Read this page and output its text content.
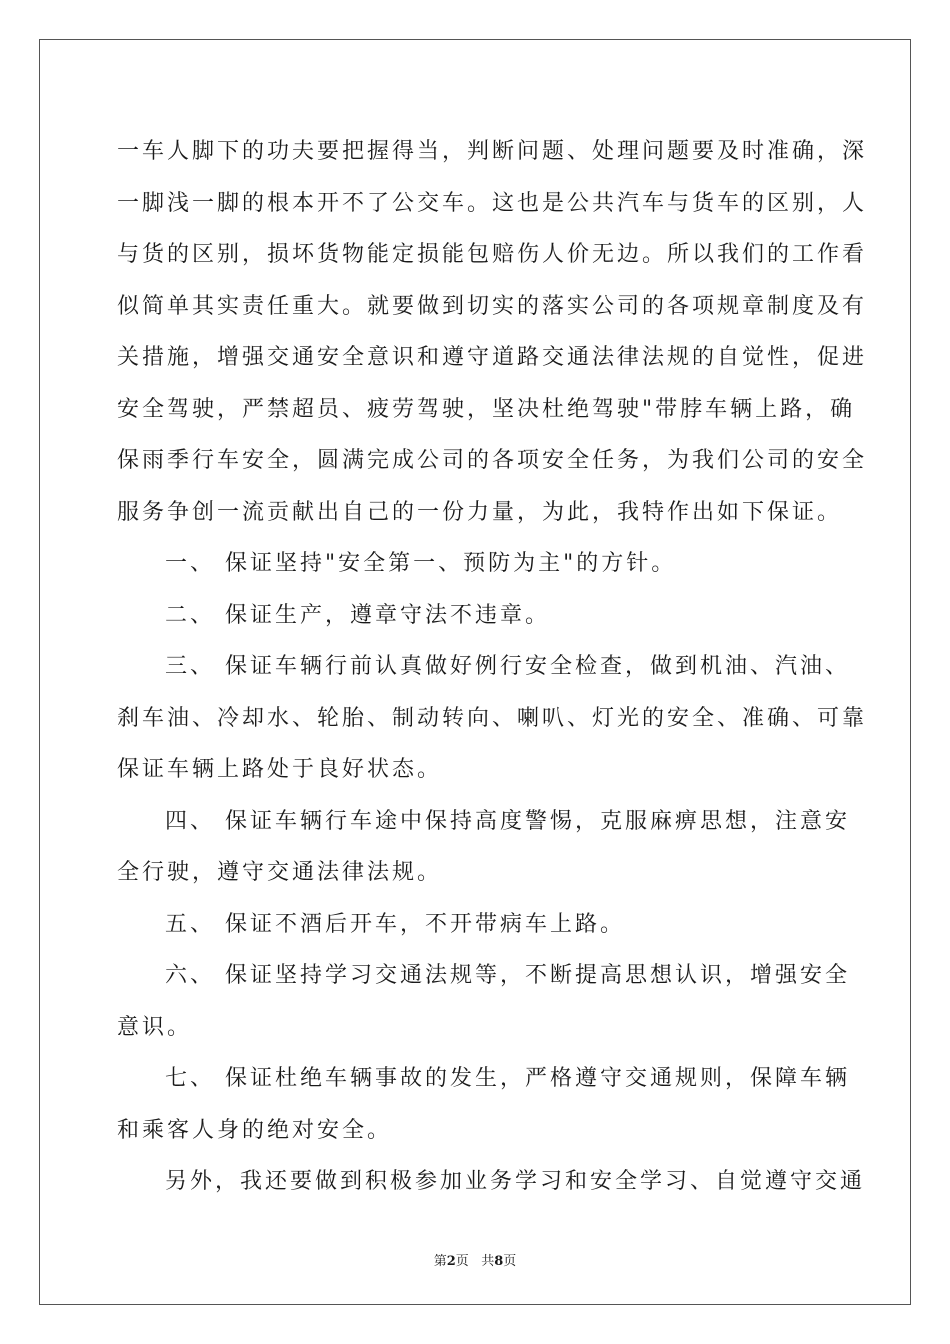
一车人脚下的功夫要把握得当，判断问题、处理问题要及时准确，深
一脚浅一脚的根本开不了公交车。这也是公共汽车与货车的区别，人
与货的区别，损坏货物能定损能包赔伤人价无边。所以我们的工作看
似简单其实责任重大。就要做到切实的落实公司的各项规章制度及有
关措施，增强交通安全意识和遵守道路交通法律法规的自觉性，促进
安全驾驶，严禁超员、疲劳驾驶，坚决杜绝驾驶"带脖车辆上路，确
保雨季行车安全，圆满完成公司的各项安全任务，为我们公司的安全
服务争创一流贡献出自己的一份力量，为此，我特作出如下保证。
一、 保证坚持"安全第一、预防为主"的方针。
二、 保证生产，遵章守法不违章。
三、 保证车辆行前认真做好例行安全检查，做到机油、汽油、
刹车油、冷却水、轮胎、制动转向、喇叭、灯光的安全、准确、可靠
保证车辆上路处于良好状态。
四、 保证车辆行车途中保持高度警惕，克服麻痹思想，注意安
全行驶，遵守交通法律法规。
五、 保证不酒后开车，不开带病车上路。
六、 保证坚持学习交通法规等，不断提高思想认识，增强安全
意识。
七、 保证杜绝车辆事故的发生，严格遵守交通规则，保障车辆
和乘客人身的绝对安全。
另外，我还要做到积极参加业务学习和安全学习、自觉遵守交通
第2页 共8页
